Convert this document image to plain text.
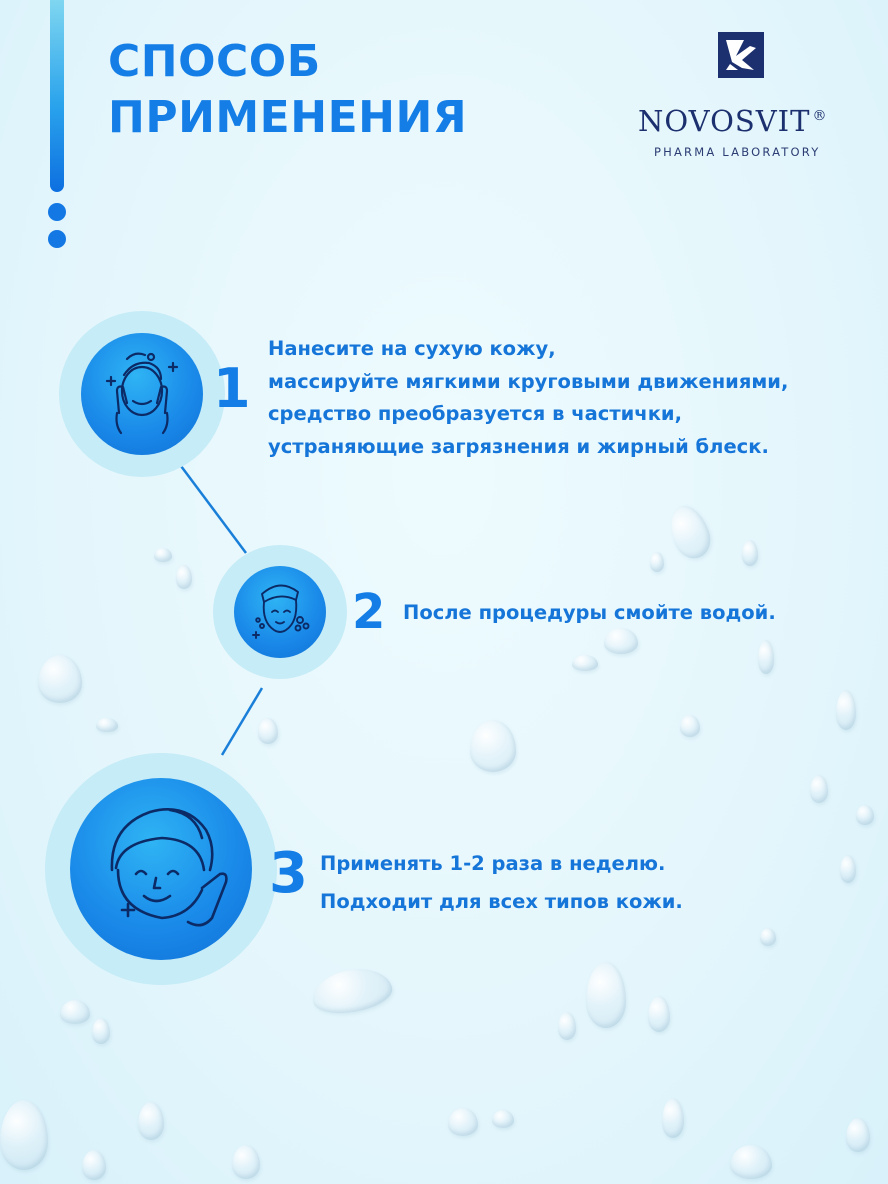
СПОСОБ
ПРИМЕНЕНИЯ	NOVOSVIT ®
PHARMA LABORATORY
1
Нанесите на сухую кожу,
массируйте мягкими круговыми движениями,
средство преобразуется в частички,
устраняющие загрязнения и жирный блеск.
2 После процедуры смойте водой.
3 Применять 1-2 раза в неделю.
Подходит для всех типов кожи.
